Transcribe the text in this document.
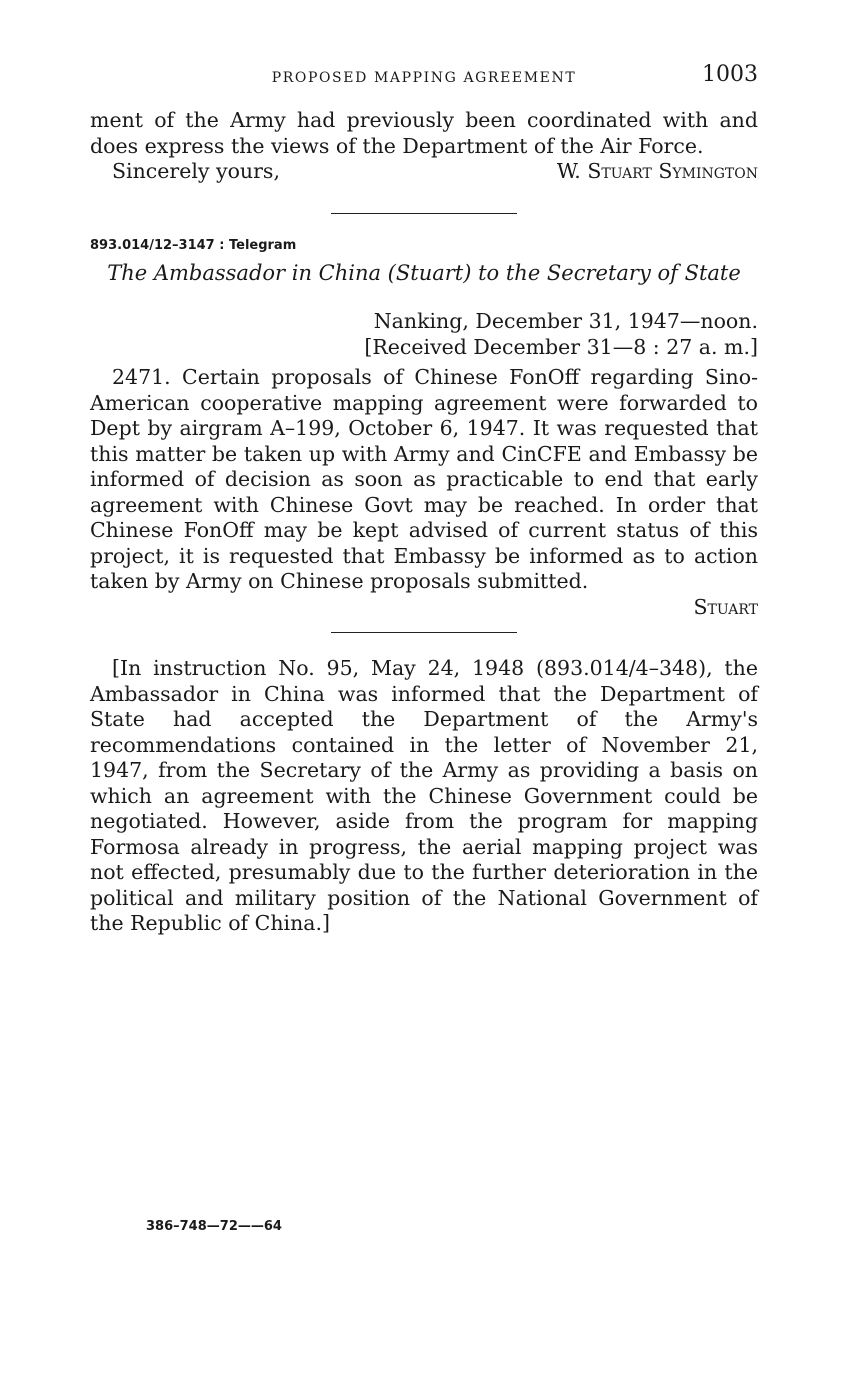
PROPOSED MAPPING AGREEMENT	1003
ment of the Army had previously been coordinated with and does express the views of the Department of the Air Force.
Sincerely yours,	W. Stuart Symington
893.014/12–3147 : Telegram
The Ambassador in China (Stuart) to the Secretary of State
Nanking, December 31, 1947—noon.
[Received December 31—8 : 27 a. m.]
2471. Certain proposals of Chinese FonOff regarding Sino-American cooperative mapping agreement were forwarded to Dept by airgram A–199, October 6, 1947. It was requested that this matter be taken up with Army and CinCFE and Embassy be informed of decision as soon as practicable to end that early agreement with Chinese Govt may be reached. In order that Chinese FonOff may be kept advised of current status of this project, it is requested that Embassy be informed as to action taken by Army on Chinese proposals submitted.
Stuart
[In instruction No. 95, May 24, 1948 (893.014/4–348), the Ambassador in China was informed that the Department of State had accepted the Department of the Army's recommendations contained in the letter of November 21, 1947, from the Secretary of the Army as providing a basis on which an agreement with the Chinese Government could be negotiated. However, aside from the program for mapping Formosa already in progress, the aerial mapping project was not effected, presumably due to the further deterioration in the political and military position of the National Government of the Republic of China.]
386–748—72——64
